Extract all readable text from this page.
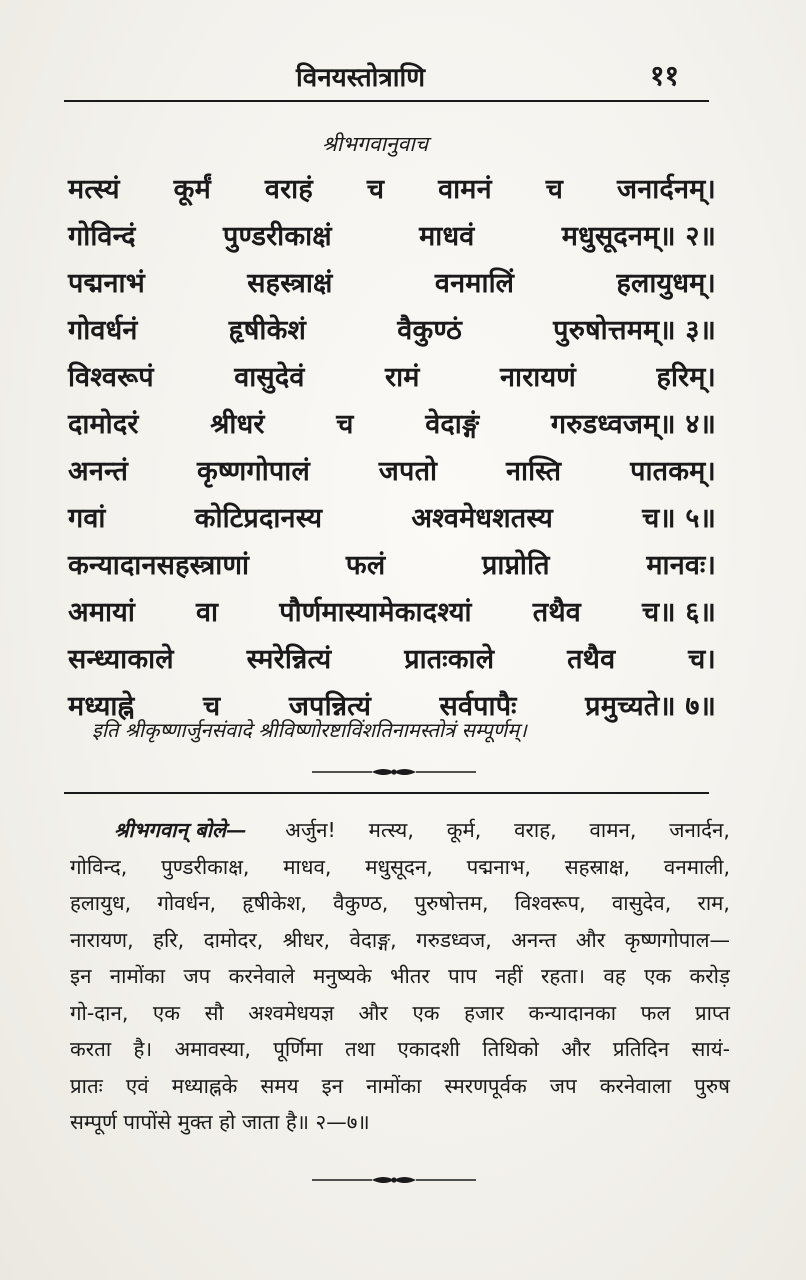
विनयस्तोत्राणि	११
श्रीभगवानुवाच
मत्स्यं कूर्मं वराहं च वामनं च जनार्दनम्।
गोविन्दं	पुण्डरीकाक्षं	माधवं	मधुसूदनम्॥ २॥
पद्मनाभं	सहस्त्राक्षं	वनमालिं	हलायुधम्।
गोवर्धनं	हृषीकेशं	वैकुण्ठं	पुरुषोत्तमम्॥ ३॥
विश्वरूपं	वासुदेवं	रामं	नारायणं	हरिम्।
दामोदरं	श्रीधरं	च	वेदाङ्गं	गरुडध्वजम्॥ ४॥
अनन्तं	कृष्णगोपालं	जपतो	नास्ति	पातकम्।
गवां	कोटिप्रदानस्य	अश्वमेधशतस्य	च॥ ५॥
कन्यादानसहस्त्राणां	फलं	प्राप्नोति	मानवः।
अमायां वा पौर्णमास्यामेकादश्यां तथैव च॥ ६॥
सन्ध्याकाले	स्मरेन्नित्यं	प्रातःकाले	तथैव	च।
मध्याह्ने	च	जपन्नित्यं	सर्वपापैः	प्रमुच्यते॥ ७॥
इति श्रीकृष्णार्जुनसंवादे श्रीविष्णोरष्टाविंशतिनामस्तोत्रं सम्पूर्णम्।
श्रीभगवान् बोले— अर्जुन! मत्स्य, कूर्म, वराह, वामन, जनार्दन,
गोविन्द, पुण्डरीकाक्ष, माधव, मधुसूदन, पद्मनाभ, सहस्राक्ष, वनमाली,
हलायुध, गोवर्धन, हृषीकेश, वैकुण्ठ, पुरुषोत्तम, विश्वरूप, वासुदेव, राम,
नारायण, हरि, दामोदर, श्रीधर, वेदाङ्ग, गरुडध्वज, अनन्त और कृष्णगोपाल—
इन नामोंका जप करनेवाले मनुष्यके भीतर पाप नहीं रहता। वह एक करोड़
गो-दान, एक सौ अश्वमेधयज्ञ और एक हजार कन्यादानका फल प्राप्त
करता है। अमावस्या, पूर्णिमा तथा एकादशी तिथिको और प्रतिदिन सायं-
प्रातः एवं मध्याह्नके समय इन नामोंका स्मरणपूर्वक जप करनेवाला पुरुष
सम्पूर्ण पापोंसे मुक्त हो जाता है॥ २—७॥
